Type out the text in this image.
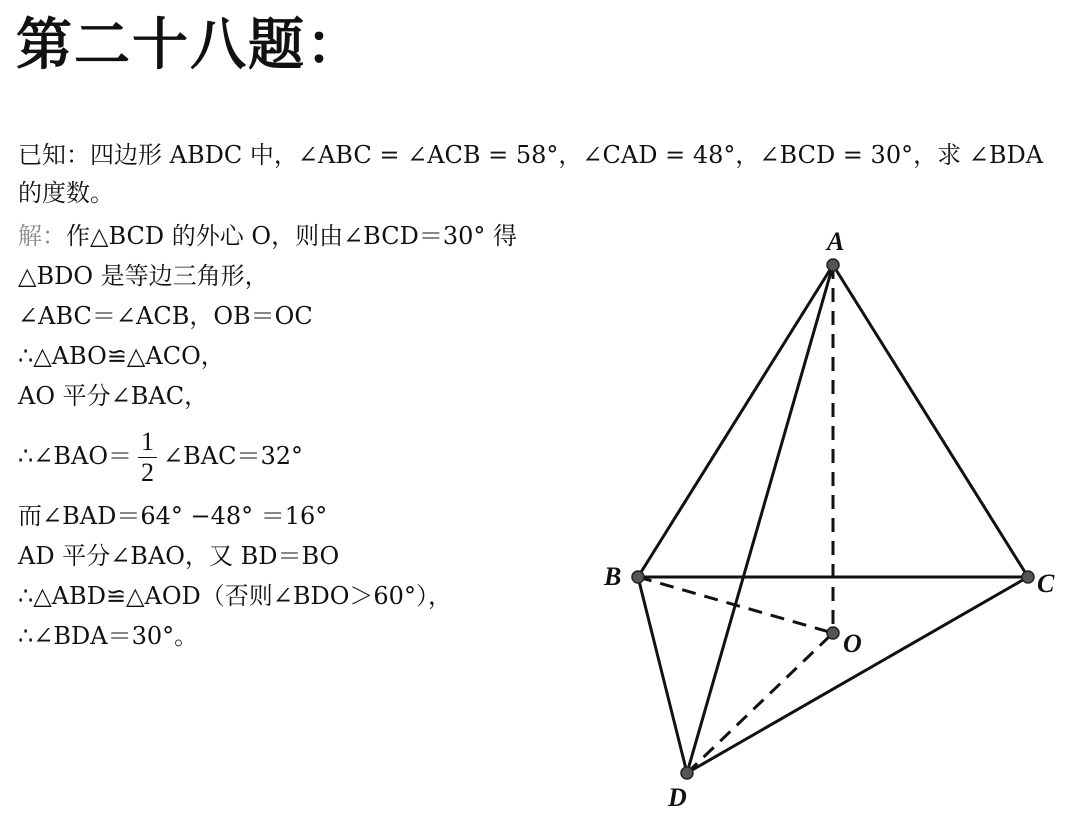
第二十八题：
已知：四边形 ABDC 中，∠ABC = ∠ACB = 58°，∠CAD = 48°，∠BCD = 30°，求 ∠BDA
的度数。
解：作△BCD 的外心 O，则由∠BCD＝30° 得
△BDO 是等边三角形，
∠ABC＝∠ACB，OB＝OC
∴△ABO≌△ACO，
AO 平分∠BAC，
∴∠BAO＝ $\frac{1}{2}$ ∠BAC＝32°
而∠BAD＝64° −48° ＝16°
AD 平分∠BAO，又 BD＝BO
∴△ABD≌△AOD（否则∠BDO＞60°），
∴∠BDA＝30°。
A
B	C
D
O
